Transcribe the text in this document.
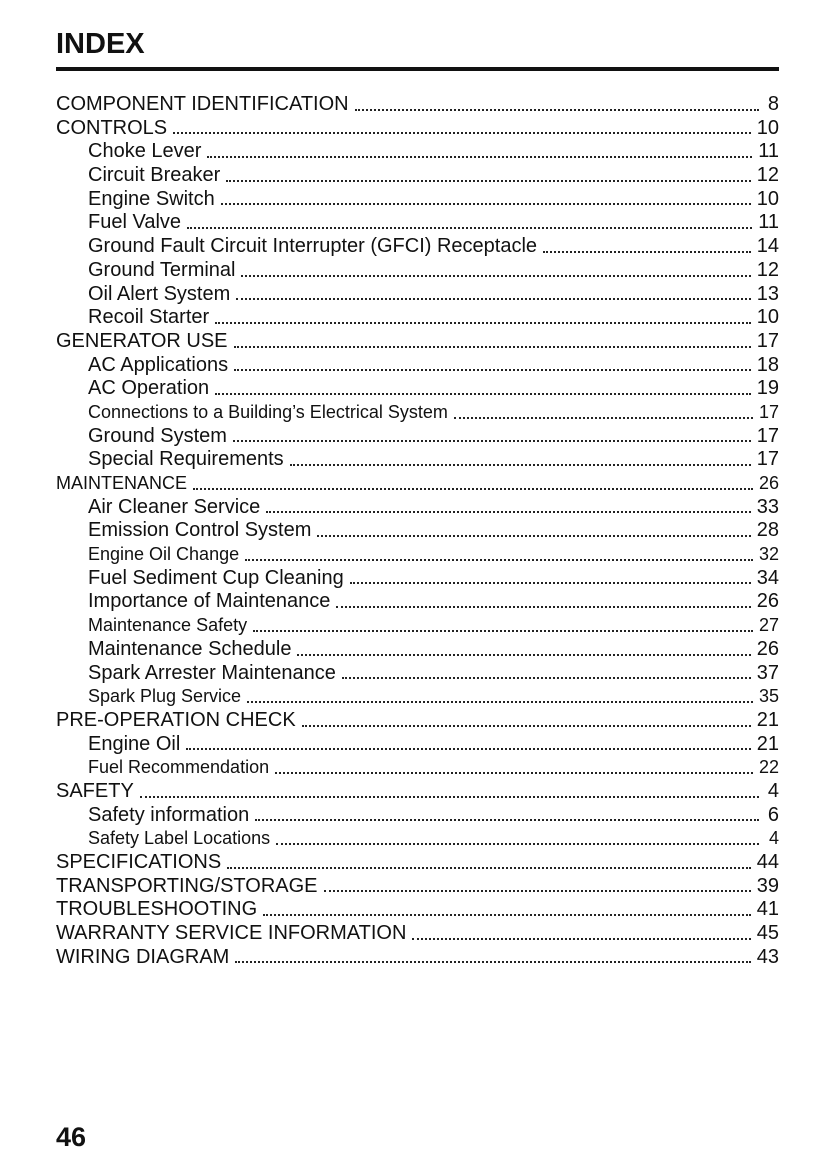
INDEX
COMPONENT IDENTIFICATION	8
CONTROLS	10
Choke Lever	11
Circuit Breaker	12
Engine Switch	10
Fuel Valve	11
Ground Fault Circuit Interrupter (GFCI) Receptacle	14
Ground Terminal	12
Oil Alert System	13
Recoil Starter	10
GENERATOR USE	17
AC Applications	18
AC Operation	19
Connections to a Building’s Electrical System	17
Ground System	17
Special Requirements	17
MAINTENANCE	26
Air Cleaner Service	33
Emission Control System	28
Engine Oil Change	32
Fuel Sediment Cup Cleaning	34
Importance of Maintenance	26
Maintenance Safety	27
Maintenance Schedule	26
Spark Arrester Maintenance	37
Spark Plug Service	35
PRE-OPERATION CHECK	21
Engine Oil	21
Fuel Recommendation	22
SAFETY	4
Safety information	6
Safety Label Locations	4
SPECIFICATIONS	44
TRANSPORTING/STORAGE	39
TROUBLESHOOTING	41
WARRANTY SERVICE INFORMATION	45
WIRING DIAGRAM	43
46
